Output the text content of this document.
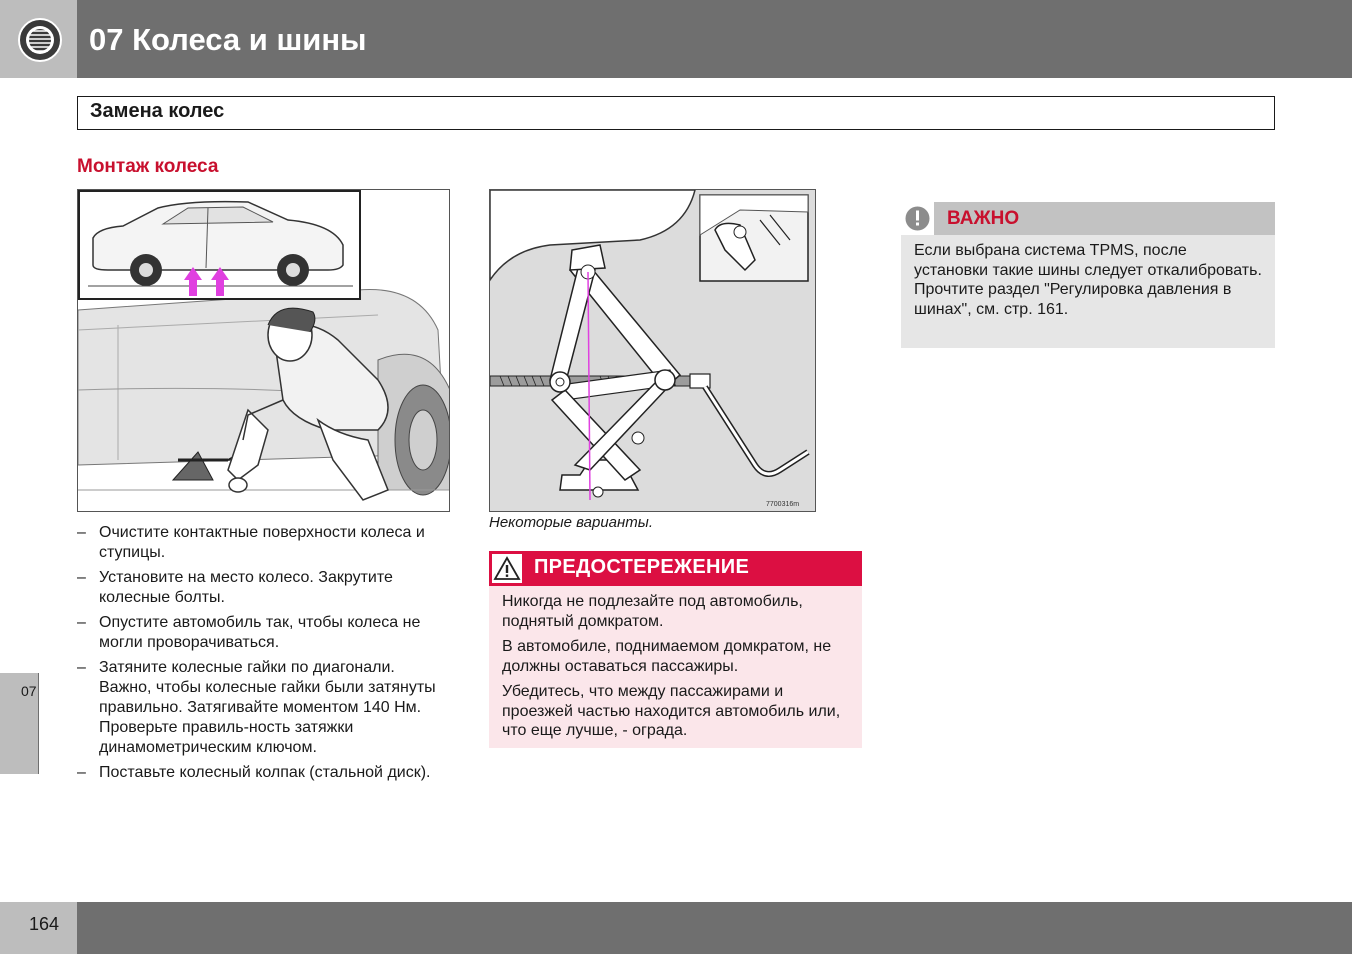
07 Колеса и шины
Замена колес
Монтаж колеса
7700316m
Некоторые варианты.
– Очистите контактные поверхности колеса и ступицы.
– Установите на место колесо. Закрутите колесные болты.
– Опустите автомобиль так, чтобы колеса не могли проворачиваться.
– Затяните колесные гайки по диагонали. Важно, чтобы колесные гайки были затянуты правильно. Затягивайте моментом 140 Нм. Проверьте правиль-ность затяжки динамометрическим ключом.
– Поставьте колесный колпак (стальной диск).
ПРЕДОСТЕРЕЖЕНИЕ

Никогда не подлезайте под автомобиль, поднятый домкратом.

В автомобиле, поднимаемом домкратом, не должны оставаться пассажиры.

Убедитесь, что между пассажирами и проезжей частью находится автомобиль или, что еще лучше, - ограда.

ВАЖНО
Если выбрана система TPMS, после установки такие шины следует откалибровать. Прочтите раздел "Регулировка давления в шинах", см. стр. 161.
07
164
